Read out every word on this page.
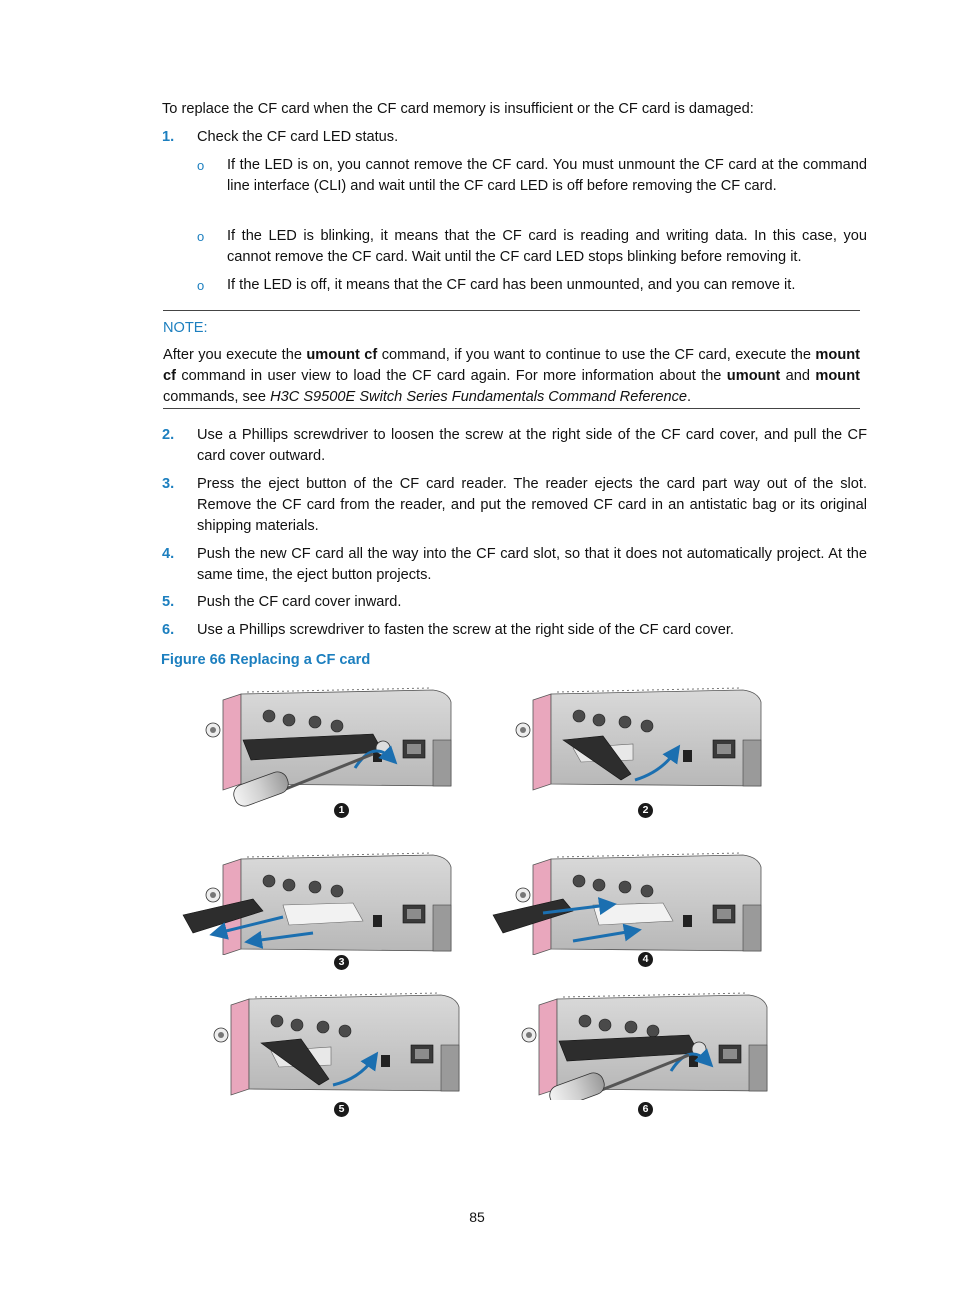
To replace the CF card when the CF card memory is insufficient or the CF card is damaged:
1. Check the CF card LED status.
o If the LED is on, you cannot remove the CF card. You must unmount the CF card at the command line interface (CLI) and wait until the CF card LED is off before removing the CF card.
o If the LED is blinking, it means that the CF card is reading and writing data. In this case, you cannot remove the CF card. Wait until the CF card LED stops blinking before removing it.
o If the LED is off, it means that the CF card has been unmounted, and you can remove it.
NOTE:
After you execute the umount cf command, if you want to continue to use the CF card, execute the mount cf command in user view to load the CF card again. For more information about the umount and mount commands, see H3C S9500E Switch Series Fundamentals Command Reference.
2. Use a Phillips screwdriver to loosen the screw at the right side of the CF card cover, and pull the CF card cover outward.
3. Press the eject button of the CF card reader. The reader ejects the card part way out of the slot. Remove the CF card from the reader, and put the removed CF card in an antistatic bag or its original shipping materials.
4. Push the new CF card all the way into the CF card slot, so that it does not automatically project. At the same time, the eject button projects.
5. Push the CF card cover inward.
6. Use a Phillips screwdriver to fasten the screw at the right side of the CF card cover.
Figure 66 Replacing a CF card
1	2
3	4
5	6
85
